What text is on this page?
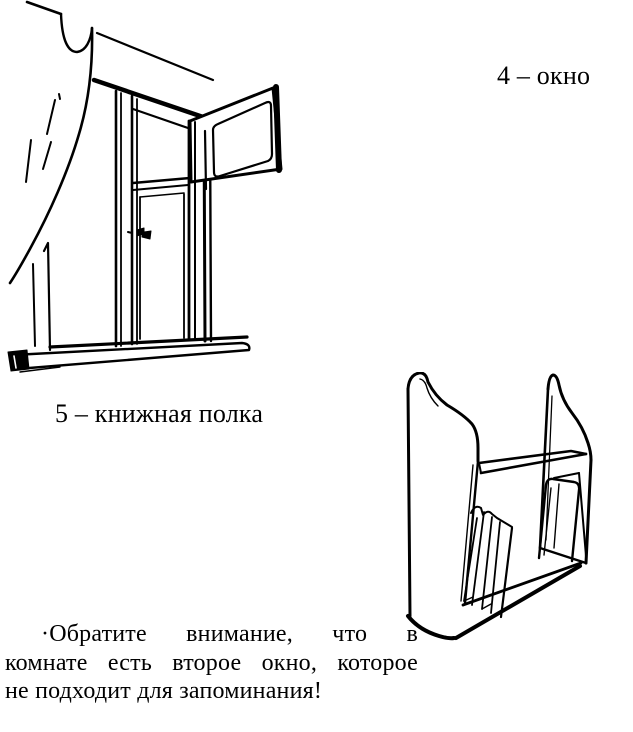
4 – окно
5 – книжная полка
·Обратите внимание, что в
комнате есть второе окно, которое
не подходит для запоминания!
